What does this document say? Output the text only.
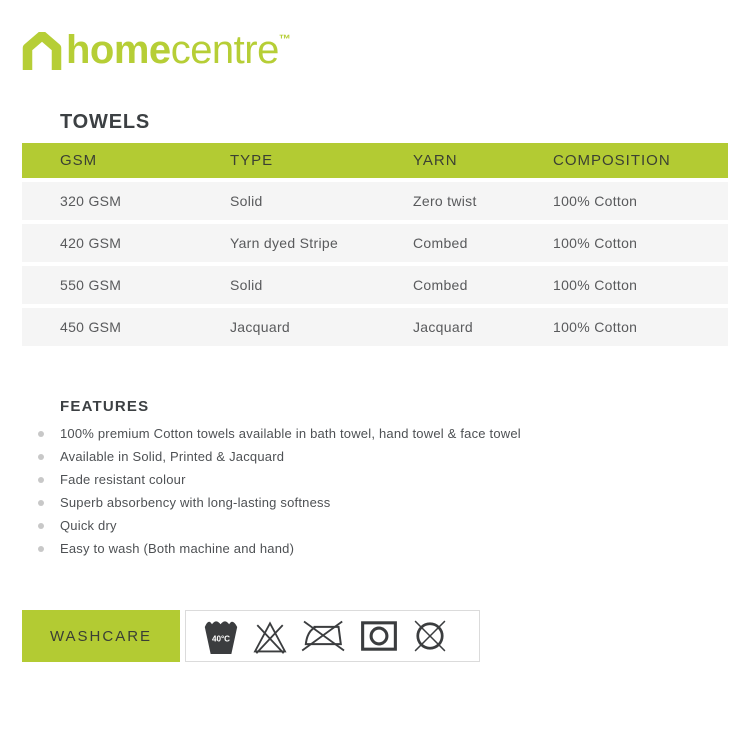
homecentre™
TOWELS
GSM	TYPE	YARN	COMPOSITION
320 GSM	Solid	Zero twist	100% Cotton
420 GSM	Yarn dyed Stripe	Combed	100% Cotton
550 GSM	Solid	Combed	100% Cotton
450 GSM	Jacquard	Jacquard	100% Cotton
FEATURES
100% premium Cotton towels available in bath towel, hand towel & face towel
Available in Solid, Printed & Jacquard
Fade resistant colour
Superb absorbency with long-lasting softness
Quick dry
Easy to wash (Both machine and hand)
WASHCARE	40°C
